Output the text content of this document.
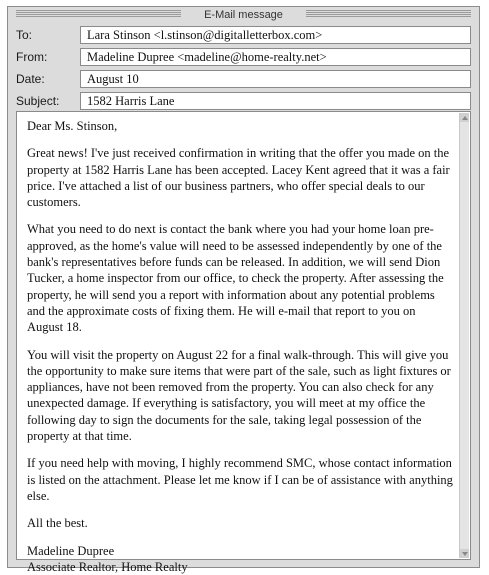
E-Mail message
To:	Lara Stinson <l.stinson@digitalletterbox.com>
From:	Madeline Dupree <madeline@home-realty.net>
Date:	August 10
Subject:	1582 Harris Lane

Dear Ms. Stinson,

Great news! I've just received confirmation in writing that the offer you made on the property at 1582 Harris Lane has been accepted. Lacey Kent agreed that it was a fair price. I've attached a list of our business partners, who offer special deals to our customers.

What you need to do next is contact the bank where you had your home loan pre-approved, as the home's value will need to be assessed independently by one of the bank's representatives before funds can be released. In addition, we will send Dion Tucker, a home inspector from our office, to check the property. After assessing the property, he will send you a report with information about any potential problems and the approximate costs of fixing them. He will e-mail that report to you on August 18.

You will visit the property on August 22 for a final walk-through. This will give you the opportunity to make sure items that were part of the sale, such as light fixtures or appliances, have not been removed from the property. You can also check for any unexpected damage. If everything is satisfactory, you will meet at my office the following day to sign the documents for the sale, taking legal possession of the property at that time.

If you need help with moving, I highly recommend SMC, whose contact information is listed on the attachment. Please let me know if I can be of assistance with anything else.

All the best.

Madeline Dupree

Associate Realtor, Home Realty
